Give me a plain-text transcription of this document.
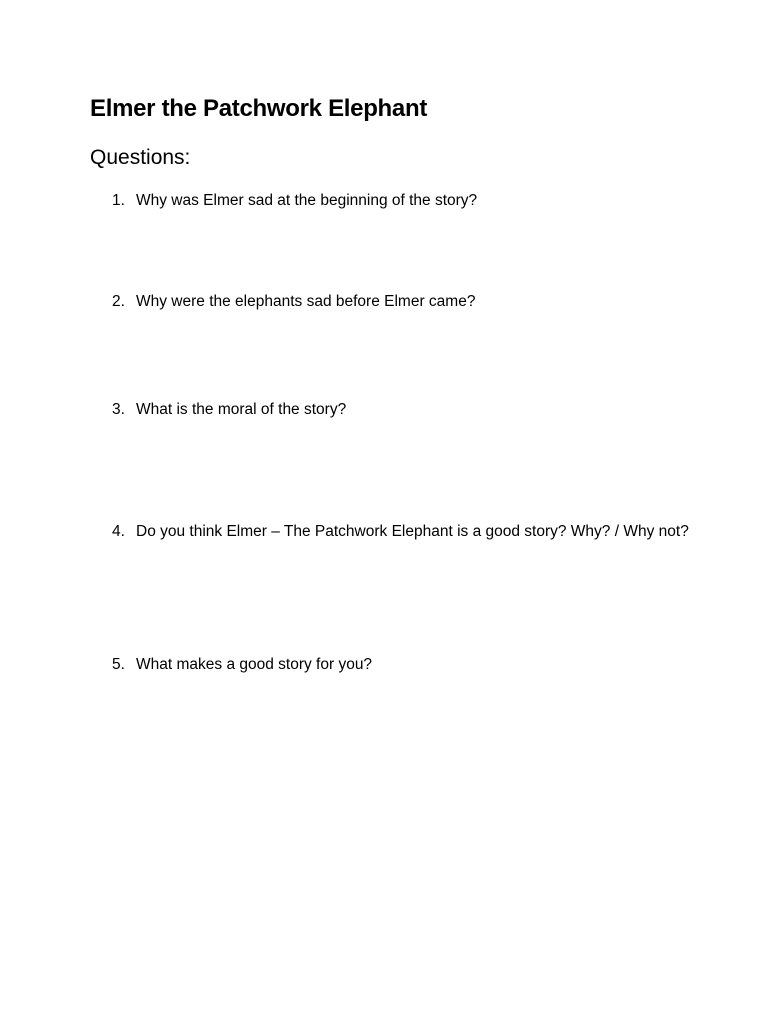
Elmer the Patchwork Elephant
Questions:
1. Why was Elmer sad at the beginning of the story?
2. Why were the elephants sad before Elmer came?
3. What is the moral of the story?
4. Do you think Elmer – The Patchwork Elephant is a good story? Why? / Why not?
5. What makes a good story for you?
